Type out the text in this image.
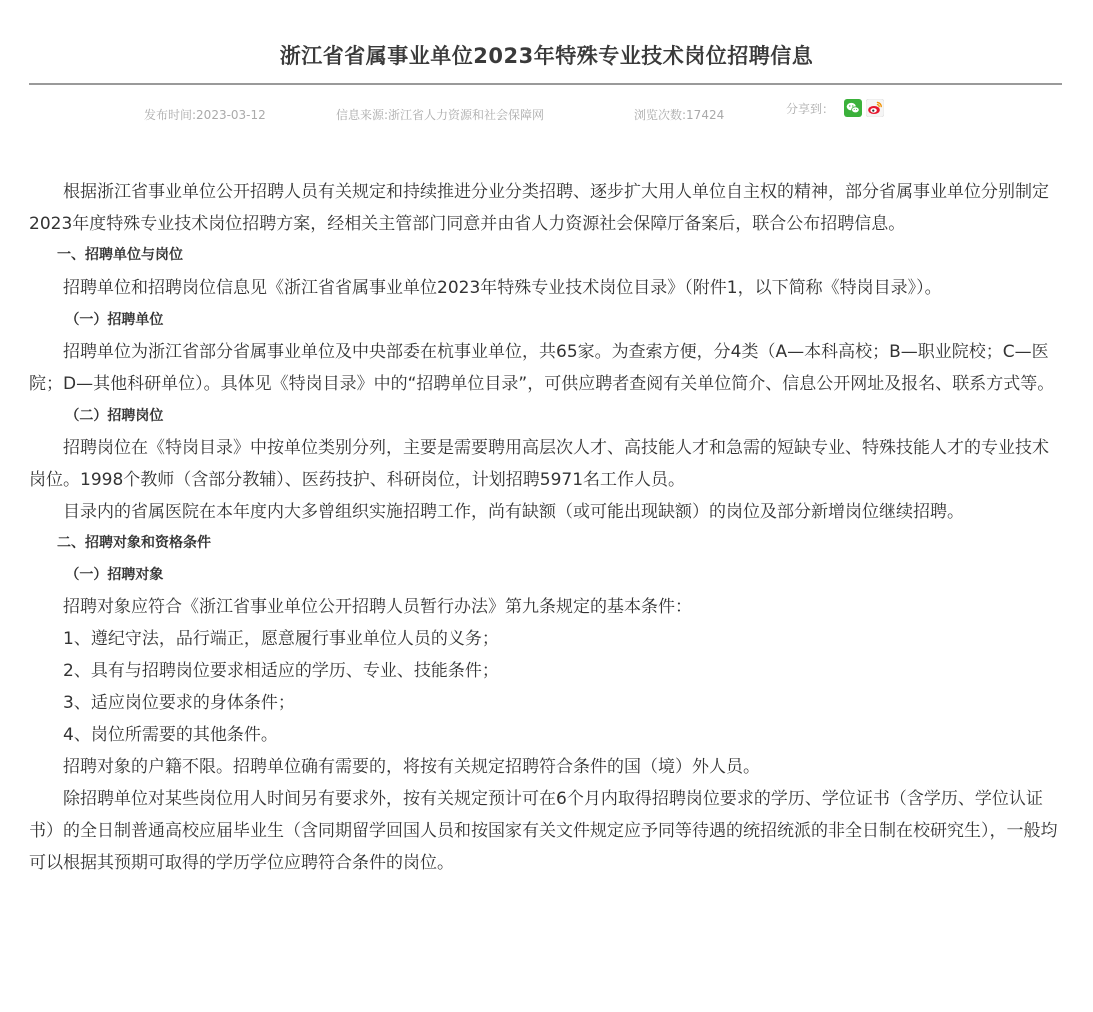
浙江省省属事业单位2023年特殊专业技术岗位招聘信息
发布时间:2023-03-12	信息来源:浙江省人力资源和社会保障网	浏览次数:17424	分享到：

根据浙江省事业单位公开招聘人员有关规定和持续推进分业分类招聘、逐步扩大用人单位自主权的精神，部分省属事业单位分别制定2023年度特殊专业技术岗位招聘方案，经相关主管部门同意并由省人力资源社会保障厅备案后，联合公布招聘信息。

一、招聘单位与岗位

招聘单位和招聘岗位信息见《浙江省省属事业单位2023年特殊专业技术岗位目录》（附件1，以下简称《特岗目录》）。

（一）招聘单位

招聘单位为浙江省部分省属事业单位及中央部委在杭事业单位，共65家。为查索方便，分4类（A—本科高校；B—职业院校；C—医院；D—其他科研单位）。具体见《特岗目录》中的“招聘单位目录”，可供应聘者查阅有关单位简介、信息公开网址及报名、联系方式等。

（二）招聘岗位

招聘岗位在《特岗目录》中按单位类别分列，主要是需要聘用高层次人才、高技能人才和急需的短缺专业、特殊技能人才的专业技术岗位。1998个教师（含部分教辅）、医药技护、科研岗位，计划招聘5971名工作人员。

目录内的省属医院在本年度内大多曾组织实施招聘工作，尚有缺额（或可能出现缺额）的岗位及部分新增岗位继续招聘。

二、招聘对象和资格条件

（一）招聘对象

招聘对象应符合《浙江省事业单位公开招聘人员暂行办法》第九条规定的基本条件：

1、遵纪守法，品行端正，愿意履行事业单位人员的义务；

2、具有与招聘岗位要求相适应的学历、专业、技能条件；

3、适应岗位要求的身体条件；

4、岗位所需要的其他条件。

招聘对象的户籍不限。招聘单位确有需要的，将按有关规定招聘符合条件的国（境）外人员。

除招聘单位对某些岗位用人时间另有要求外，按有关规定预计可在6个月内取得招聘岗位要求的学历、学位证书（含学历、学位认证书）的全日制普通高校应届毕业生（含同期留学回国人员和按国家有关文件规定应予同等待遇的统招统派的非全日制在校研究生），一般均可以根据其预期可取得的学历学位应聘符合条件的岗位。
